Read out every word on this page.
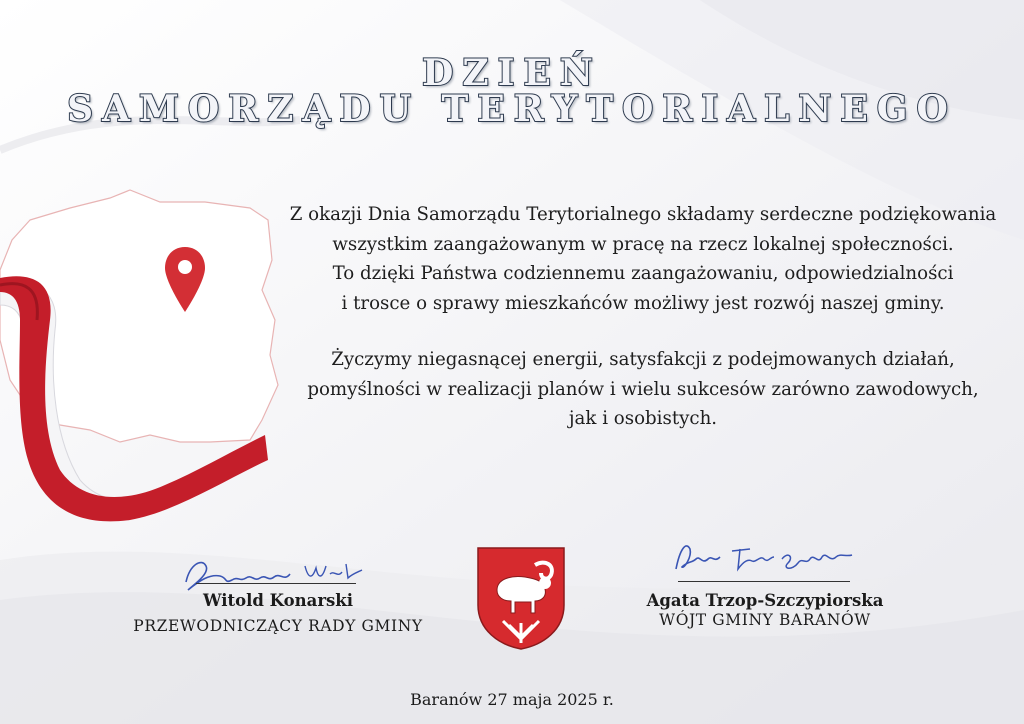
DZIEŃ
SAMORZĄDU TERYTORIALNEGO
Z okazji Dnia Samorządu Terytorialnego składamy serdeczne podziękowania
wszystkim zaangażowanym w pracę na rzecz lokalnej społeczności.
To dzięki Państwa codziennemu zaangażowaniu, odpowiedzialności
i trosce o sprawy mieszkańców możliwy jest rozwój naszej gminy.
Życzymy niegasnącej energii, satysfakcji z podejmowanych działań,
pomyślności w realizacji planów i wielu sukcesów zarówno zawodowych,
jak i osobistych.
Witold Konarski
PRZEWODNICZĄCY RADY GMINY
Agata Trzop-Szczypiorska
WÓJT GMINY BARANÓW
Baranów 27 maja 2025 r.
